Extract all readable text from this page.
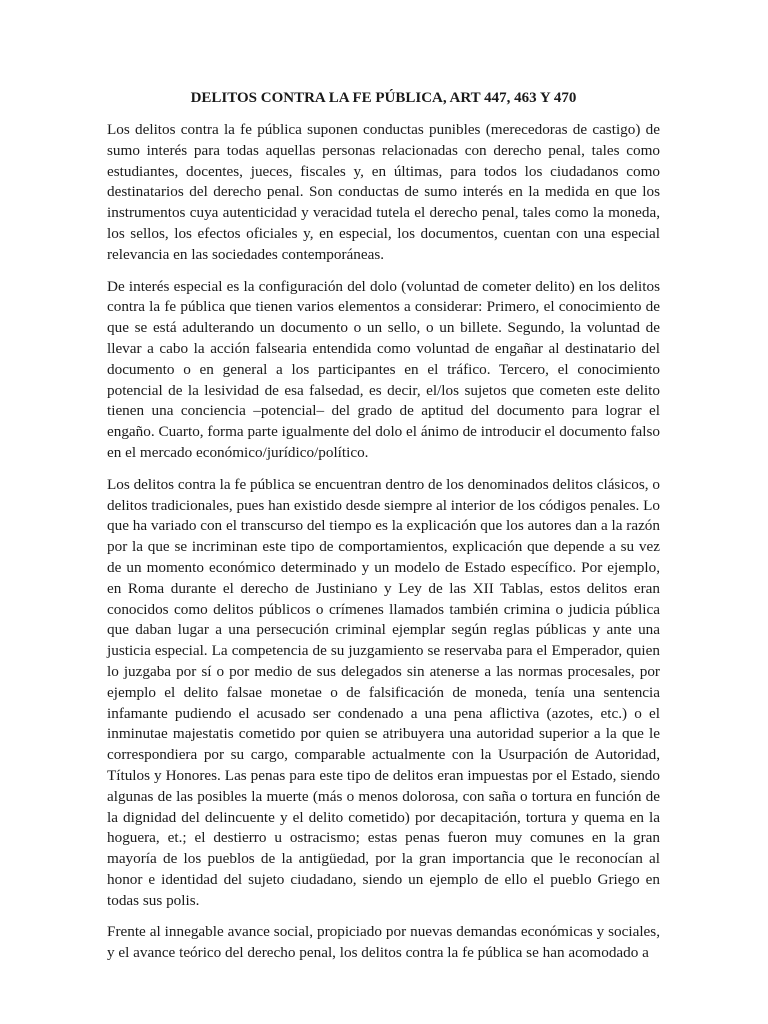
DELITOS CONTRA LA FE PÚBLICA, ART 447, 463 Y 470

Los delitos contra la fe pública suponen conductas punibles (merecedoras de castigo) de sumo interés para todas aquellas personas relacionadas con derecho penal, tales como estudiantes, docentes, jueces, fiscales y, en últimas, para todos los ciudadanos como destinatarios del derecho penal. Son conductas de sumo interés en la medida en que los instrumentos cuya autenticidad y veracidad tutela el derecho penal, tales como la moneda, los sellos, los efectos oficiales y, en especial, los documentos, cuentan con una especial relevancia en las sociedades contemporáneas.

De interés especial es la configuración del dolo (voluntad de cometer delito) en los delitos contra la fe pública que tienen varios elementos a considerar: Primero, el conocimiento de que se está adulterando un documento o un sello, o un billete. Segundo, la voluntad de llevar a cabo la acción falsearia entendida como voluntad de engañar al destinatario del documento o en general a los participantes en el tráfico. Tercero, el conocimiento potencial de la lesividad de esa falsedad, es decir, el/los sujetos que cometen este delito tienen una conciencia –potencial– del grado de aptitud del documento para lograr el engaño. Cuarto, forma parte igualmente del dolo el ánimo de introducir el documento falso en el mercado económico/jurídico/político.

Los delitos contra la fe pública se encuentran dentro de los denominados delitos clásicos, o delitos tradicionales, pues han existido desde siempre al interior de los códigos penales. Lo que ha variado con el transcurso del tiempo es la explicación que los autores dan a la razón por la que se incriminan este tipo de comportamientos, explicación que depende a su vez de un momento económico determinado y un modelo de Estado específico. Por ejemplo, en Roma durante el derecho de Justiniano y Ley de las XII Tablas, estos delitos eran conocidos como delitos públicos o crímenes llamados también crimina o judicia pública que daban lugar a una persecución criminal ejemplar según reglas públicas y ante una justicia especial. La competencia de su juzgamiento se reservaba para el Emperador, quien lo juzgaba por sí o por medio de sus delegados sin atenerse a las normas procesales, por ejemplo el delito falsae monetae o de falsificación de moneda, tenía una sentencia infamante pudiendo el acusado ser condenado a una pena aflictiva (azotes, etc.) o el inminutae majestatis cometido por quien se atribuyera una autoridad superior a la que le correspondiera por su cargo, comparable actualmente con la Usurpación de Autoridad, Títulos y Honores. Las penas para este tipo de delitos eran impuestas por el Estado, siendo algunas de las posibles la muerte (más o menos dolorosa, con saña o tortura en función de la dignidad del delincuente y el delito cometido) por decapitación, tortura y quema en la hoguera, et.; el destierro u ostracismo; estas penas fueron muy comunes en la gran mayoría de los pueblos de la antigüedad, por la gran importancia que le reconocían al honor e identidad del sujeto ciudadano, siendo un ejemplo de ello el pueblo Griego en todas sus polis.

Frente al innegable avance social, propiciado por nuevas demandas económicas y sociales, y el avance teórico del derecho penal, los delitos contra la fe pública se han acomodado a
